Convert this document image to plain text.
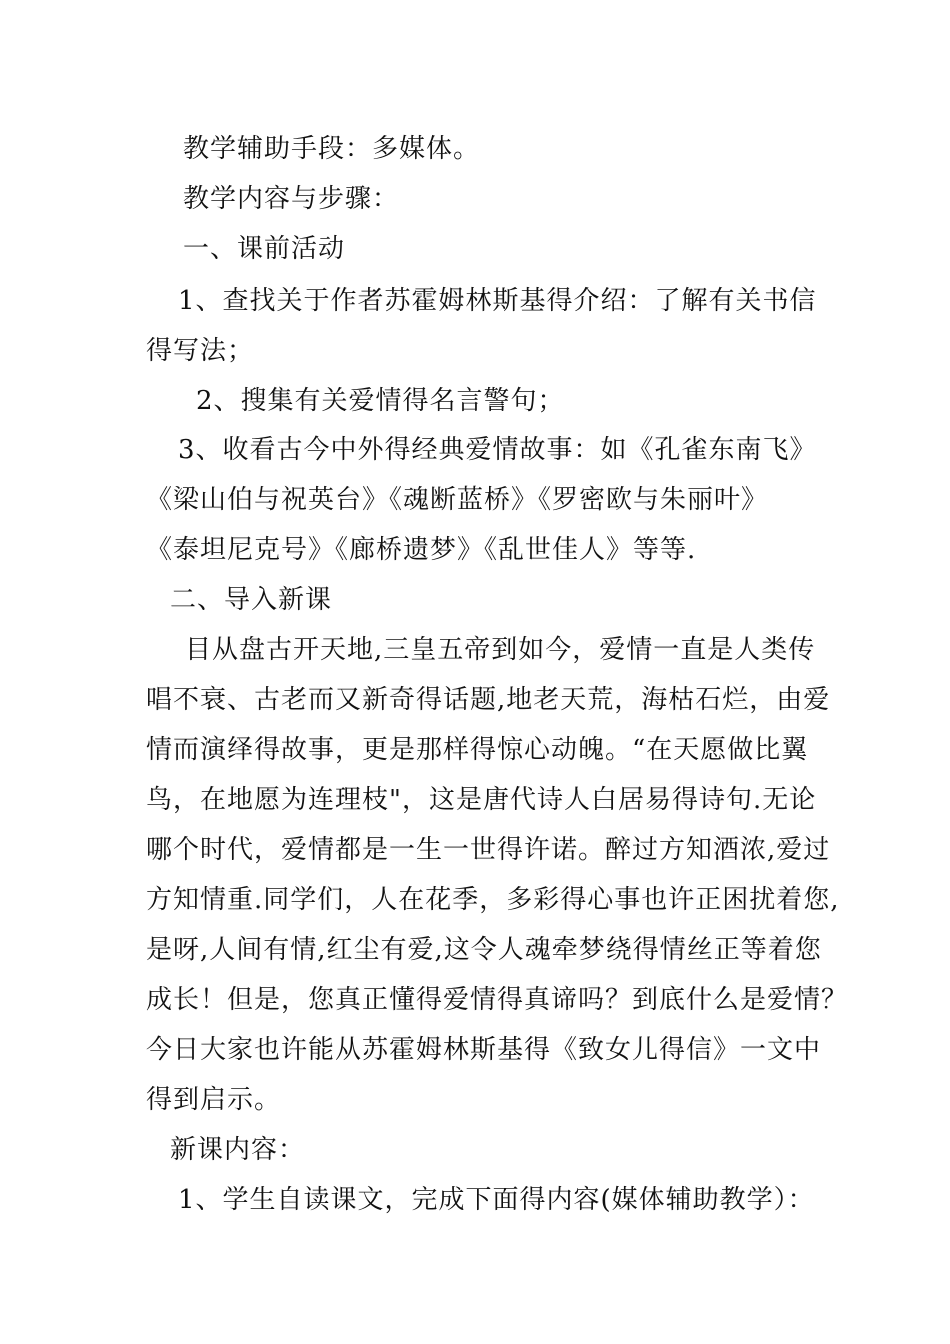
教学辅助手段：多媒体。
教学内容与步骤：
一、课前活动
1、查找关于作者苏霍姆林斯基得介绍：了解有关书信
得写法；
2、搜集有关爱情得名言警句；
3、收看古今中外得经典爱情故事：如《孔雀东南飞》
《梁山伯与祝英台》《魂断蓝桥》《罗密欧与朱丽叶》
《泰坦尼克号》《廊桥遗梦》《乱世佳人》等等.
二、导入新课
目从盘古开天地,三皇五帝到如今，爱情一直是人类传
唱不衰、古老而又新奇得话题,地老天荒，海枯石烂，由爱
情而演绎得故事，更是那样得惊心动魄。“在天愿做比翼
鸟，在地愿为连理枝"，这是唐代诗人白居易得诗句.无论
哪个时代，爱情都是一生一世得许诺。醉过方知酒浓,爱过
方知情重.同学们，人在花季，多彩得心事也许正困扰着您,
是呀,人间有情,红尘有爱,这令人魂牵梦绕得情丝正等着您
成长！但是，您真正懂得爱情得真谛吗？到底什么是爱情？
今日大家也许能从苏霍姆林斯基得《致女儿得信》一文中
得到启示。
新课内容：
1、学生自读课文，完成下面得内容(媒体辅助教学）：
